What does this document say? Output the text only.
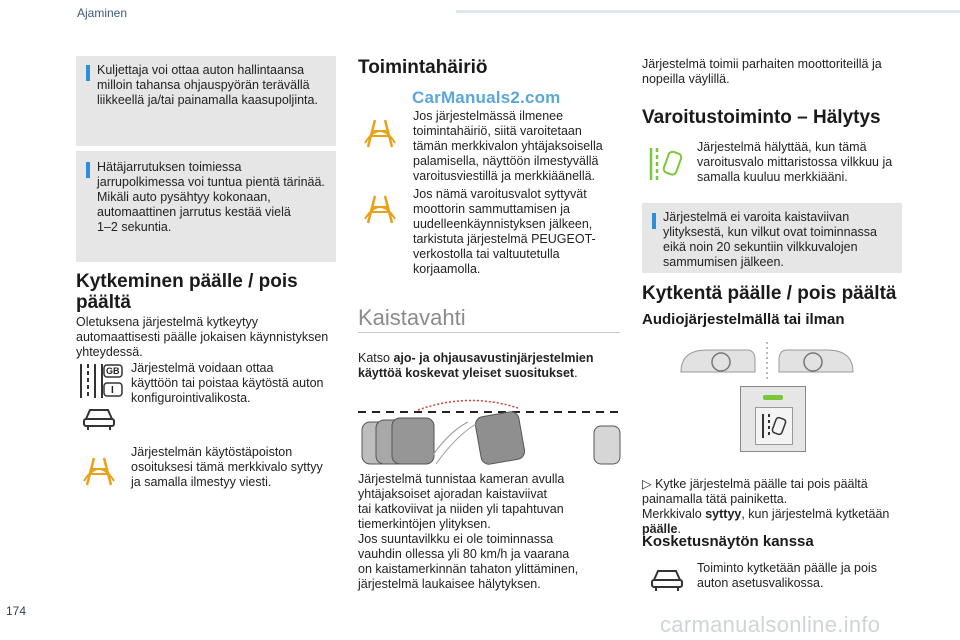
Ajaminen
174
carmanualsonline.info
Kuljettaja voi ottaa auton hallintaansa
milloin tahansa ohjauspyörän terävällä
liikkeellä ja/tai painamalla kaasupoljinta.
Hätäjarrutuksen toimiessa
jarrupolkimessa voi tuntua pientä tärinää.
Mikäli auto pysähtyy kokonaan,
automaattinen jarrutus kestää vielä
1–2 sekuntia.
Kytkeminen päälle / pois
päältä
Oletuksena järjestelmä kytkeytyy
automaattisesti päälle jokaisen käynnistyksen
yhteydessä.
GB
I
Järjestelmä voidaan ottaa
käyttöön tai poistaa käytöstä auton
konfigurointivalikosta.
Järjestelmän käytöstäpoiston
osoituksesi tämä merkkivalo syttyy
ja samalla ilmestyy viesti.
Toimintahäiriö
CarManuals2.com
Jos järjestelmässä ilmenee
toimintahäiriö, siitä varoitetaan
tämän merkkivalon yhtäjaksoisella
palamisella, näyttöön ilmestyvällä
varoitusviestillä ja merkkiäänellä.
Jos nämä varoitusvalot syttyvät
moottorin sammuttamisen ja
uudelleenkäynnistyksen jälkeen,
tarkistuta järjestelmä PEUGEOT-
verkostolla tai valtuutetulla
korjaamolla.
Kaistavahti

Katso ajo- ja ohjausavustinjärjestelmien
käyttöä koskevat yleiset suositukset.

Järjestelmä tunnistaa kameran avulla
yhtäjaksoiset ajoradan kaistaviivat
tai katkoviivat ja niiden yli tapahtuvan
tiemerkintöjen ylityksen.
Jos suuntavilkku ei ole toiminnassa
vauhdin ollessa yli 80 km/h ja vaarana
on kaistamerkinnän tahaton ylittäminen,
järjestelmä laukaisee hälytyksen.
Järjestelmä toimii parhaiten moottoriteillä ja
nopeilla väylillä.
Varoitustoiminto – Hälytys
Järjestelmä hälyttää, kun tämä
varoitusvalo mittaristossa vilkkuu ja
samalla kuuluu merkkiääni.
Järjestelmä ei varoita kaistaviivan
ylityksestä, kun vilkut ovat toiminnassa
eikä noin 20 sekuntiin vilkkuvalojen
sammumisen jälkeen.
Kytkentä päälle / pois päältä
Audiojärjestelmällä tai ilman

▷ Kytke järjestelmä päälle tai pois päältä
painamalla tätä painiketta.

Merkkivalo syttyy, kun järjestelmä kytketään
päälle.

Kosketusnäytön kanssa
Toiminto kytketään päälle ja pois
auton asetusvalikossa.
